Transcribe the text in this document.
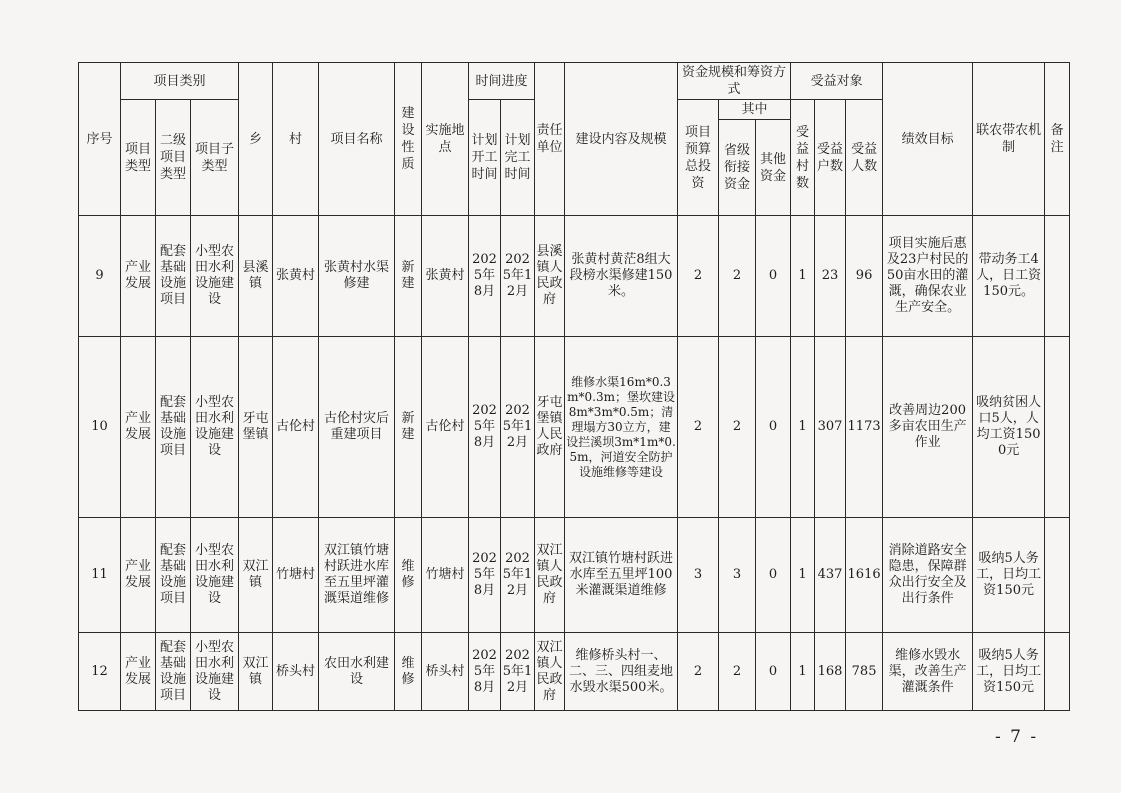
序号	项目类别			乡	村	项目名称	建设性质	实施地点	时间进度		责任单位	建设内容及规模	资金规模和筹资方式			受益对象			绩效目标	联农带农机制	备注
	项目类型	二级项目类型	项目子类型						计划开工时间	计划完工时间			项目预算总投资	其中		受益村数	受益户数	受益人数			
														省级衔接资金	其他资金						
9	产业发展	配套基础设施项目	小型农田水利设施建设	县溪镇	张黄村	张黄村水渠修建	新建	张黄村	2025年8月	2025年12月	县溪镇人民政府	张黄村黄茫8组大段榜水渠修建150米。	2	2	0	1	23	96	项目实施后惠及23户村民的50亩水田的灌溉，确保农业生产安全。	带动务工4人，日工资150元。	
10	产业发展	配套基础设施项目	小型农田水利设施建设	牙屯堡镇	古伦村	古伦村灾后重建项目	新建	古伦村	2025年8月	2025年12月	牙屯堡镇人民政府	维修水渠16m*0.3m*0.3m；堡坎建设8m*3m*0.5m；清理塌方30立方，建设拦溪坝3m*1m*0.5m，河道安全防护设施维修等建设	2	2	0	1	307	1173	改善周边200多亩农田生产作业	吸纳贫困人口5人，人均工资1500元	
11	产业发展	配套基础设施项目	小型农田水利设施建设	双江镇	竹塘村	双江镇竹塘村跃进水库至五里坪灌溉渠道维修	维修	竹塘村	2025年8月	2025年12月	双江镇人民政府	双江镇竹塘村跃进水库至五里坪100米灌溉渠道维修	3	3	0	1	437	1616	消除道路安全隐患，保障群众出行安全及出行条件	吸纳5人务工，日均工资150元	
12	产业发展	配套基础设施项目	小型农田水利设施建设	双江镇	桥头村	农田水利建设	维修	桥头村	2025年8月	2025年12月	双江镇人民政府	维修桥头村一、二、三、四组麦地水毁水渠500米。	2	2	0	1	168	785	维修水毁水渠，改善生产灌溉条件	吸纳5人务工，日均工资150元	
- 7 -
